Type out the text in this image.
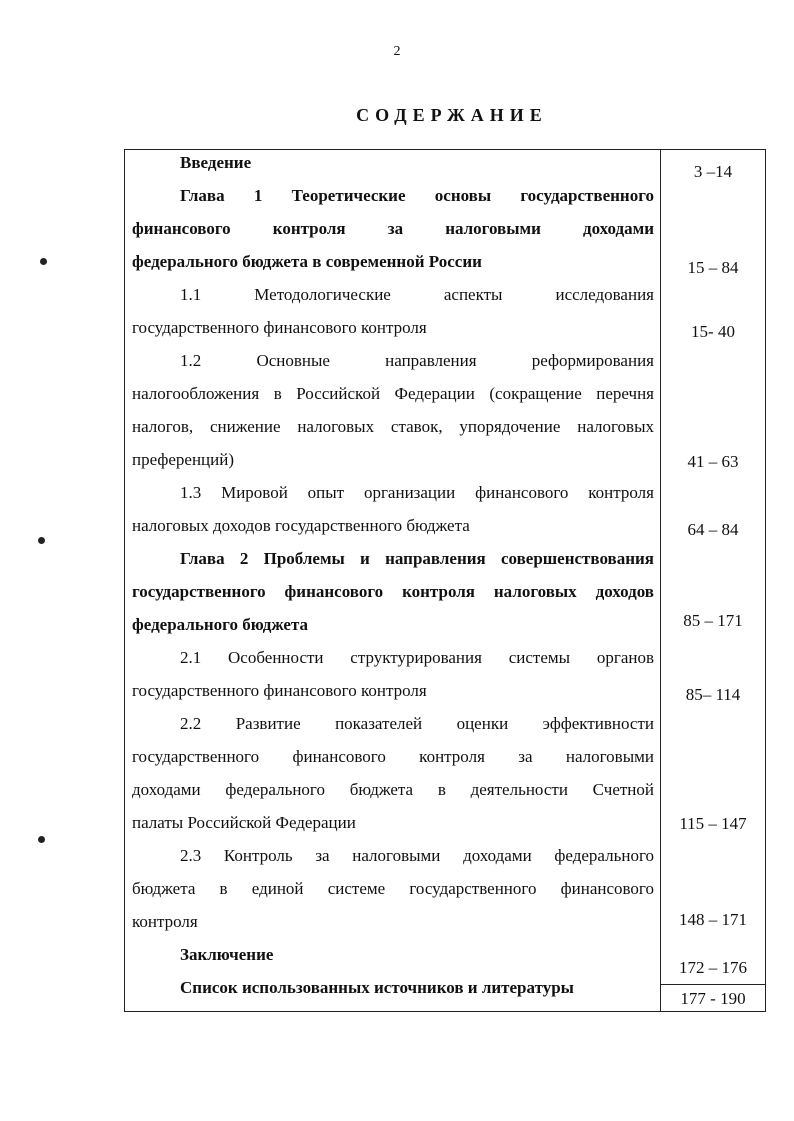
2
СОДЕРЖАНИЕ
Введение
Глава 1 Теоретические основы государственного
финансового контроля за налоговыми доходами
федерального бюджета в современной России
1.1 Методологические аспекты исследования
государственного финансового контроля
1.2 Основные направления реформирования
налогообложения в Российской Федерации (сокращение перечня
налогов, снижение налоговых ставок, упорядочение налоговых
преференций)
1.3 Мировой опыт организации финансового контроля
налоговых доходов государственного бюджета
Глава 2 Проблемы и направления совершенствования
государственного финансового контроля налоговых доходов
федерального бюджета
2.1 Особенности структурирования системы органов
государственного финансового контроля
2.2 Развитие показателей оценки эффективности
государственного финансового контроля за налоговыми
доходами федерального бюджета в деятельности Счетной
палаты Российской Федерации
2.3 Контроль за налоговыми доходами федерального
бюджета в единой системе государственного финансового
контроля
Заключение
Список использованных источников и литературы
3 –14
15 – 84
15- 40
41 – 63
64 – 84
85 – 171
85– 114
115 – 147
148 – 171
172 – 176
177 - 190
